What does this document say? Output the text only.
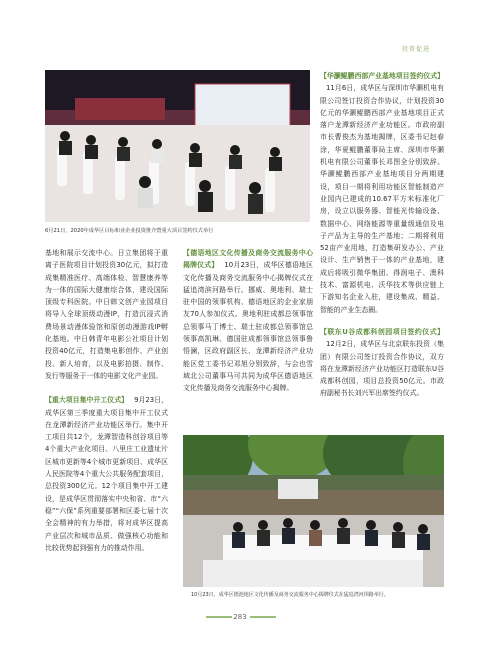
投资促进
6月21日，2020年成华区目标和业企业投资推介暨重大项目签约仪式举行

基地和展示交流中心。日立集团将于重离子医院项目计划投资30亿元，拟打造成集精准医疗、高端体检、智慧康养等为一体的国际大健康综合体，建设国际顶级专科医院。中日韩文创产业园项目将导入全球顶级动漫IP，打造沉浸式消费场景动漫体验馆和原创动漫游戏IP孵化基地。中日韩青年电影公社项目计划投资40亿元，打造集电影创作、产业创投、新人培育，以及电影拍摄、制作、发行等服务于一体的电影文化产业园。

【重大项目集中开工仪式】 9月23日，成华区第三季度重大项目集中开工仪式在龙潭新经济产业功能区举行。集中开工项目共12个，龙潭智造科创谷项目等4个重大产业化项目、八里庄工业遗址片区城市更新等4个城市更新项目、成华区人民医院等4个重大公共服务配套项目，总投资300亿元。12个项目集中开工建设，是成华区贯彻落实中央和省、市“六稳”“六保”系列重要部署和区委七届十次全会精神的有力举措，将对成华区提高产业层次和城市品质、做强核心功能和比较优势起到强有力的推动作用。

【德语地区文化传播及商务交流服务中心揭牌仪式】 10月23日，成华区德语地区文化传播及商务交流服务中心揭牌仪式在猛追湾滨河路举行。挪威、奥地利、瑞士驻中国的领事机构、德语地区的企业家朋友70人参加仪式。奥地利驻成都总领事馆总领事马丁博士、瑞士驻成都总领事馆总领事高凯琳、德国驻成都领事馆总领事鲁悟澜，区政府副区长、龙潭新经济产业功能区党工委书记邓旭分别致辞，与会也雪域北公司董事马可共同为成华区德语地区文化传播及商务交流服务中心揭牌。

【华灏鲲鹏西部产业基地项目签约仪式】11月6日，成华区与深圳市华灏机电有限公司签订投资合作协议，计划投资30亿元的华灏鲲鹏西部产业基地项目正式落户龙潭新经济产业功能区。市政府副市长曹俊杰为基地揭牌，区委书记赵春涂，华夏鲲鹏董事局主席、深圳市华灏机电有限公司董事长邓图全分别致辞。华灏鲲鹏西部产业基地项目分两期建设，项目一期将利用功能区智能制造产业园内已建成的10.67平方米标准化厂房，设立以服务器、智能光传输设备、数据中心、网络能源等重量级通信及电子产品为主导的生产基地；二期将利用52亩产业用地，打造集研发办公、产业设计、生产销售于一体的产业基地，建成后将吸引微华集团、得润电子、澳科技术、富源机电、沃华技术等供应链上下游知名企业入驻，建设集成、精益、智能的产业生态圈。

【联东U谷成都科创园项目签约仪式】12月2日，成华区与北京联东投资（集团）有限公司签订投资合作协议，双方将在龙潭新经济产业功能区打造联东U谷成都科创园，项目总投资50亿元。市政府副秘书长刘兴军出席签约仪式。

10月23日，成华区德池地区文化传播及商务交流服务中心揭牌仪式在猛追湾河坝路举行。
283
